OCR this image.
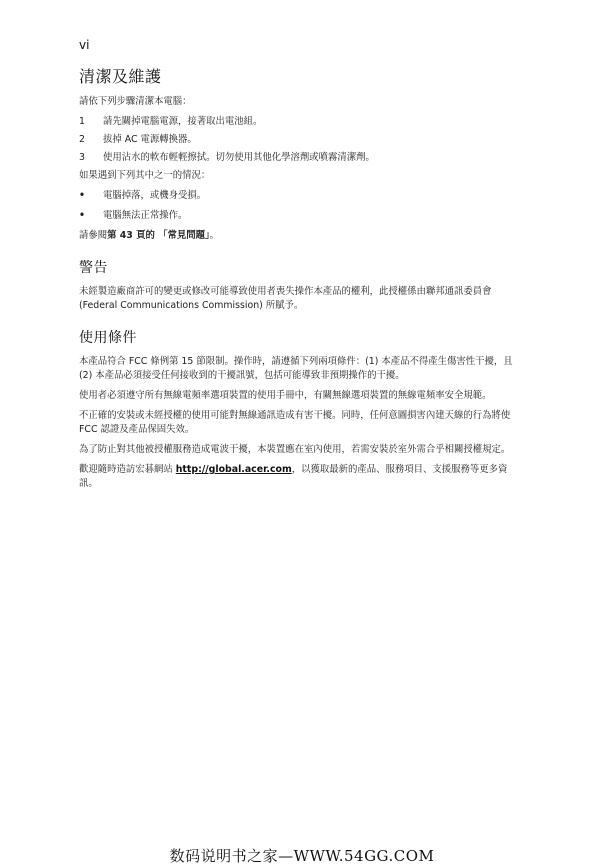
vi
清潔及維護

請依下列步驟清潔本電腦：

1	請先關掉電腦電源，接著取出電池組。
2	拔掉 AC 電源轉換器。
3	使用沾水的軟布輕輕擦拭。切勿使用其他化學溶劑或噴霧清潔劑。

如果遇到下列其中之一的情況：

•	電腦掉落，或機身受損。
•	電腦無法正常操作。

請參閱第 43 頁的 「常見問題」。

警告

未經製造廠商許可的變更或修改可能導致使用者喪失操作本產品的權利，此授權係由聯邦通訊委員會 (Federal Communications Commission) 所賦予。

使用條件

本產品符合 FCC 條例第 15 節限制。操作時，請遵循下列兩項條件：(1) 本產品不得產生傷害性干擾，且 (2) 本產品必須接受任何接收到的干擾訊號，包括可能導致非預期操作的干擾。

使用者必須遵守所有無線電頻率選項裝置的使用手冊中，有關無線選項裝置的無線電頻率安全規範。

不正確的安裝或未經授權的使用可能對無線通訊造成有害干擾。同時，任何意圖損害內建天線的行為將使 FCC 認證及產品保固失效。

為了防止對其他被授權服務造成電波干擾，本裝置應在室內使用，若需安裝於室外需合乎相關授權規定。

歡迎隨時造訪宏碁網站 http://global.acer.com，以獲取最新的產品、服務項目、支援服務等更多資訊。

数码说明书之家—WWW.54GG.COM
